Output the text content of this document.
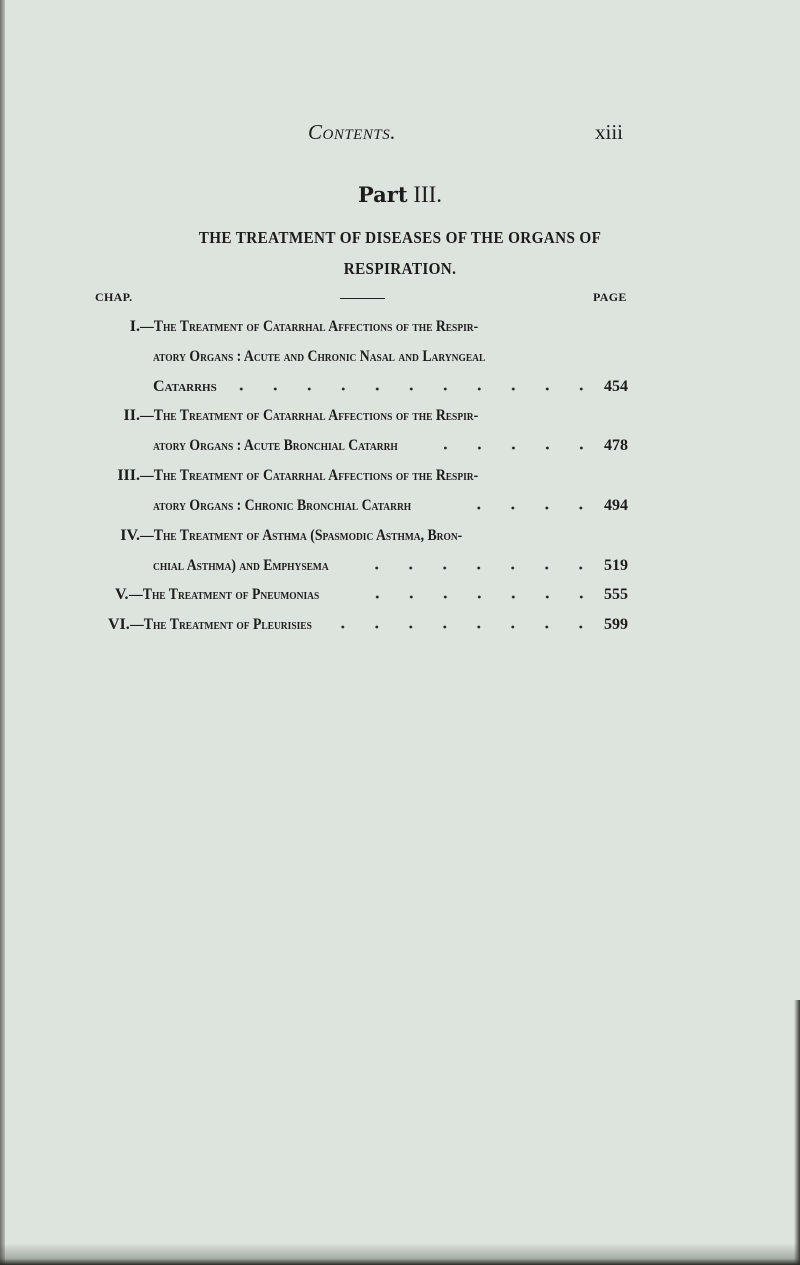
Contents.	xiii
Part III.
THE TREATMENT OF DISEASES OF THE ORGANS OF
RESPIRATION.
CHAP.	PAGE
I. —The Treatment of Catarrhal Affections of the Respir-
atory Organs : Acute and Chronic Nasal and Laryngeal
Catarrhs	454
II. —The Treatment of Catarrhal Affections of the Respir-
atory Organs : Acute Bronchial Catarrh	478
III. —The Treatment of Catarrhal Affections of the Respir-
atory Organs : Chronic Bronchial Catarrh	494
IV. —The Treatment of Asthma (Spasmodic Asthma, Bron-
chial Asthma) and Emphysema	519
V. —The Treatment of Pneumonias	555
VI. —The Treatment of Pleurisies	599
